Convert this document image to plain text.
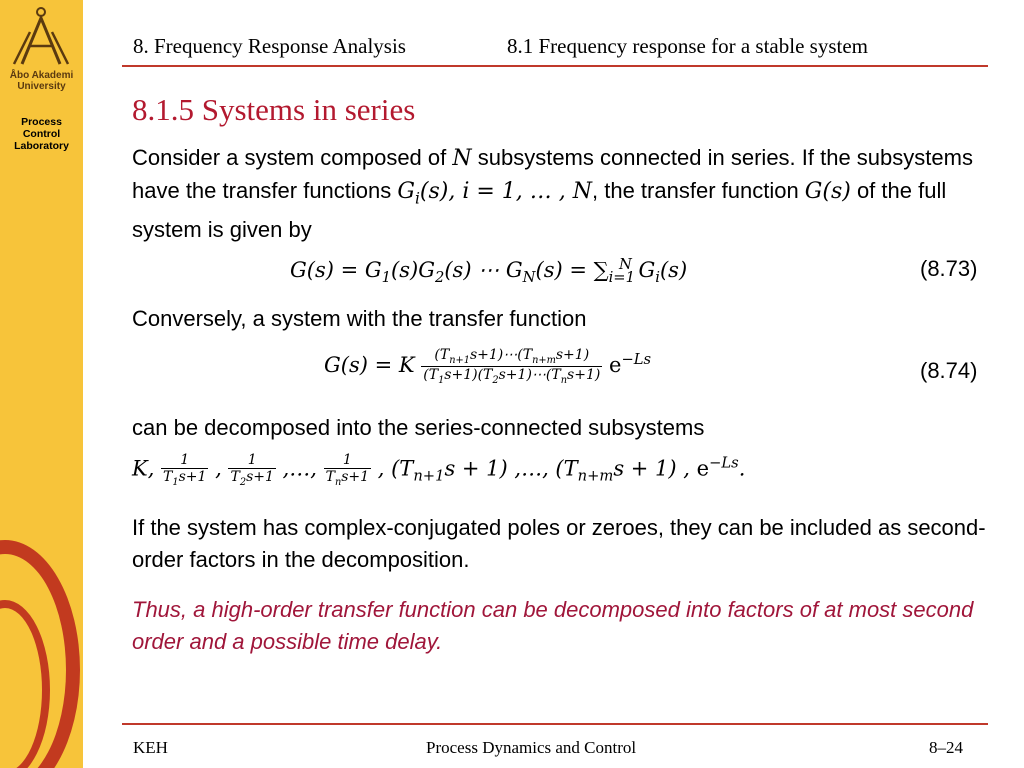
Åbo Akademi
University
Process
Control
Laboratory
8. Frequency Response Analysis	8.1 Frequency response for a stable system
8.1.5 Systems in series
Consider a system composed of N subsystems connected in series. If the subsystems have the transfer functions $G_i(s)$, i = 1, … , N, the transfer function G(s) of the full system is given by
$G(s) = G_1(s)G_2(s)$ ⋯ $G_N(s) = \sum_{i=1}^N$ $G_i(s)$	(8.73)
Conversely, a system with the transfer function
G(s) = K $\frac{(T_{n+1}s+1)\cdots(T_{n+m}s+1)}{(T_1s+1)(T_2s+1)\cdots(T_ns+1)} e^{-Ls}$	(8.74)
can be decomposed into the series-connected subsystems
K, $\frac{1}{T_1s+1}$ , $\frac{1}{T_2s+1}$ ,…, $\frac{1}{T_ns+1}$ , $(T_{n+1}s + 1)$ ,…, $(T_{n+m}s + 1)$ , $e^{-Ls}$.
If the system has complex-conjugated poles or zeroes, they can be included as second-order factors in the decomposition.
Thus, a high-order transfer function can be decomposed into factors of at most second order and a possible time delay.
KEH	Process Dynamics and Control	8–24
